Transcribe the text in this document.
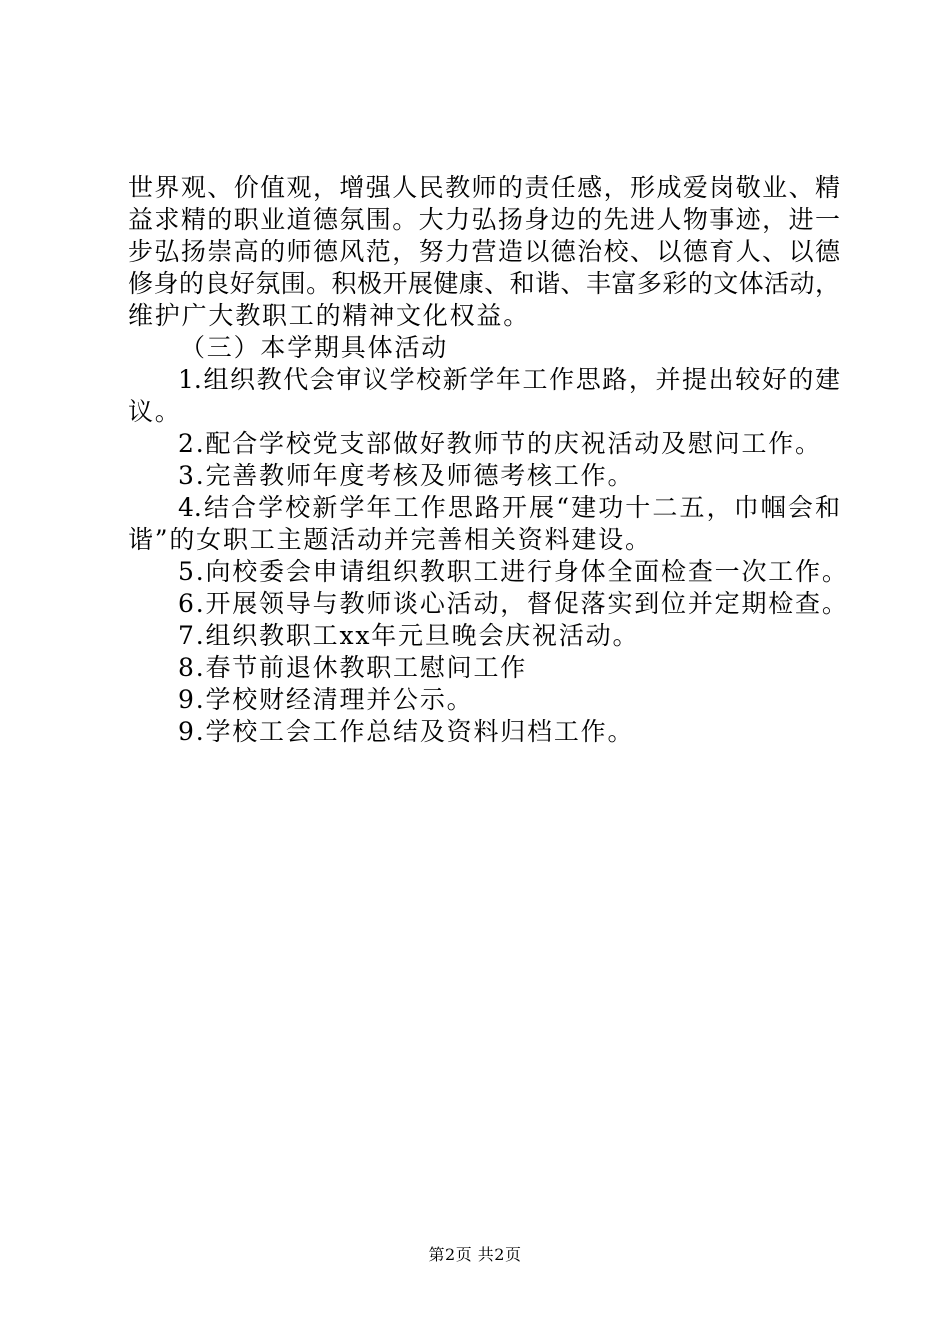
世界观、价值观，增强人民教师的责任感，形成爱岗敬业、精
益求精的职业道德氛围。大力弘扬身边的先进人物事迹，进一
步弘扬崇高的师德风范，努力营造以德治校、以德育人、以德
修身的良好氛围。积极开展健康、和谐、丰富多彩的文体活动，
维护广大教职工的精神文化权益。
（三）本学期具体活动
1.组织教代会审议学校新学年工作思路，并提出较好的建
议。
2.配合学校党支部做好教师节的庆祝活动及慰问工作。
3.完善教师年度考核及师德考核工作。
4.结合学校新学年工作思路开展“建功十二五，巾帼会和
谐”的女职工主题活动并完善相关资料建设。
5.向校委会申请组织教职工进行身体全面检查一次工作。
6.开展领导与教师谈心活动，督促落实到位并定期检查。
7.组织教职工xx年元旦晚会庆祝活动。
8.春节前退休教职工慰问工作
9.学校财经清理并公示。
9.学校工会工作总结及资料归档工作。
第2页 共2页
